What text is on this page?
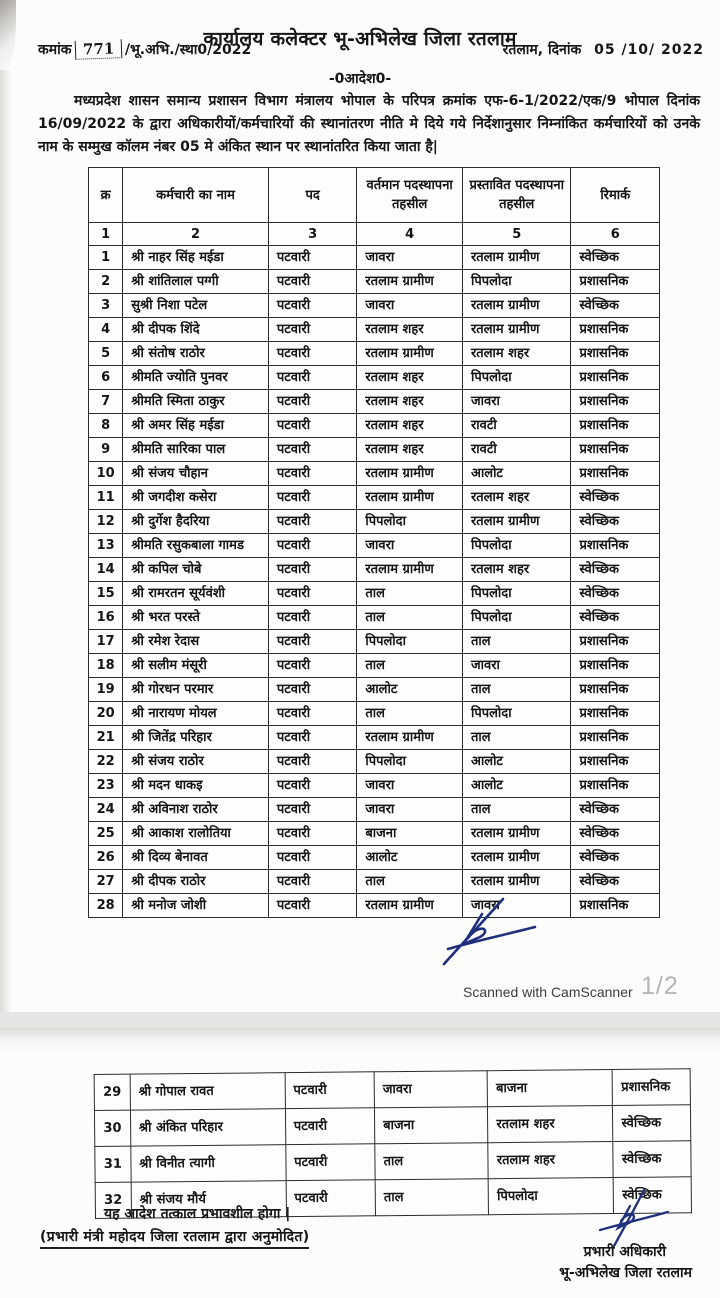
कार्यालय कलेक्टर भू-अभिलेख जिला रतलाम
कमांक 771 /भू.अभि./स्था0/2022	रतलाम, दिनांक 05 /10/ 2022
-0आदेश0-

मध्यप्रदेश शासन समान्य प्रशासन विभाग मंत्रालय भोपाल के परिपत्र क्रमांक एफ-6-1/2022/एक/9 भोपाल दिनांक 16/09/2022 के द्वारा अधिकारीयों/कर्मचारियों की स्थानांतरण नीति मे दिये गये निर्देशानुसार निम्नांकित कर्मचारियों को उनके नाम के सम्मुख कॉलम नंबर 05 मे अंकित स्थान पर स्थानांतरित किया जाता है|

क्र	कर्मचारी का नाम	पद	वर्तमान पदस्थापना तहसील	प्रस्तावित पदस्थापना तहसील	रिमार्क
1	2	3	4	5	6
1	श्री नाहर सिंह मईडा	पटवारी	जावरा	रतलाम ग्रामीण	स्वेच्छिक
2	श्री शांतिलाल पग्गी	पटवारी	रतलाम ग्रामीण	पिपलोदा	प्रशासनिक
3	सुश्री निशा पटेल	पटवारी	जावरा	रतलाम ग्रामीण	स्वेच्छिक
4	श्री दीपक शिंदे	पटवारी	रतलाम शहर	रतलाम ग्रामीण	प्रशासनिक
5	श्री संतोष राठोर	पटवारी	रतलाम ग्रामीण	रतलाम शहर	प्रशासनिक
6	श्रीमति ज्योति पुनवर	पटवारी	रतलाम शहर	पिपलोदा	प्रशासनिक
7	श्रीमति स्मिता ठाकुर	पटवारी	रतलाम शहर	जावरा	प्रशासनिक
8	श्री अमर सिंह मईडा	पटवारी	रतलाम शहर	रावटी	प्रशासनिक
9	श्रीमति सारिका पाल	पटवारी	रतलाम शहर	रावटी	प्रशासनिक
10	श्री संजय चौहान	पटवारी	रतलाम ग्रामीण	आलोट	प्रशासनिक
11	श्री जगदीश कसेरा	पटवारी	रतलाम ग्रामीण	रतलाम शहर	स्वेच्छिक
12	श्री दुर्गेश हैदरिया	पटवारी	पिपलोदा	रतलाम ग्रामीण	स्वेच्छिक
13	श्रीमति रसुकबाला गामड	पटवारी	जावरा	पिपलोदा	प्रशासनिक
14	श्री कपिल चोबे	पटवारी	रतलाम ग्रामीण	रतलाम शहर	स्वेच्छिक
15	श्री रामरतन सूर्यवंशी	पटवारी	ताल	पिपलोदा	स्वेच्छिक
16	श्री भरत परस्ते	पटवारी	ताल	पिपलोदा	स्वेच्छिक
17	श्री रमेश रेदास	पटवारी	पिपलोदा	ताल	प्रशासनिक
18	श्री सलीम मंसूरी	पटवारी	ताल	जावरा	प्रशासनिक
19	श्री गोरधन परमार	पटवारी	आलोट	ताल	प्रशासनिक
20	श्री नारायण मोयल	पटवारी	ताल	पिपलोदा	प्रशासनिक
21	श्री जितेंद्र परिहार	पटवारी	रतलाम ग्रामीण	ताल	प्रशासनिक
22	श्री संजय राठोर	पटवारी	पिपलोदा	आलोट	प्रशासनिक
23	श्री मदन धाकइ	पटवारी	जावरा	आलोट	प्रशासनिक
24	श्री अविनाश राठोर	पटवारी	जावरा	ताल	स्वेच्छिक
25	श्री आकाश रालोतिया	पटवारी	बाजना	रतलाम ग्रामीण	स्वेच्छिक
26	श्री दिव्य बेनावत	पटवारी	आलोट	रतलाम ग्रामीण	स्वेच्छिक
27	श्री दीपक राठोर	पटवारी	ताल	रतलाम ग्रामीण	स्वेच्छिक
28	श्री मनोज जोशी	पटवारी	रतलाम ग्रामीण	जावरा	प्रशासनिक
Scanned with CamScanner 1/2
29	श्री गोपाल रावत	पटवारी	जावरा	बाजना	प्रशासनिक
30	श्री अंकित परिहार	पटवारी	बाजना	रतलाम शहर	स्वेच्छिक
31	श्री विनीत त्यागी	पटवारी	ताल	रतलाम शहर	स्वेच्छिक
32	श्री संजय मौर्य	पटवारी	ताल	पिपलोदा	स्वेच्छिक
यह आदेश तत्काल प्रभावशील होगा |
(प्रभारी मंत्री महोदय जिला रतलाम द्वारा अनुमोदित)
प्रभारी अधिकारी
भू-अभिलेख जिला रतलाम
